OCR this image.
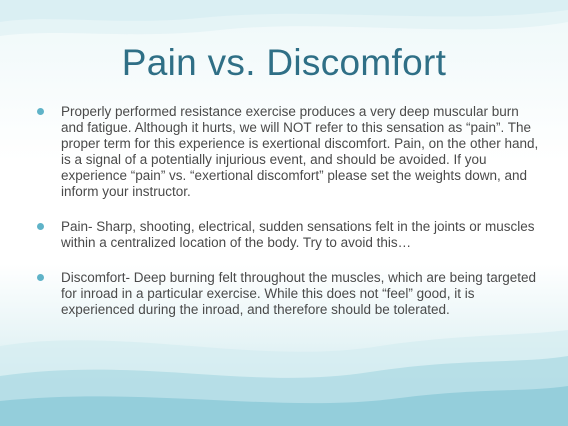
Pain vs. Discomfort
Properly performed resistance exercise produces a very deep muscular burn and fatigue. Although it hurts, we will NOT refer to this sensation as “pain”. The proper term for this experience is exertional discomfort. Pain, on the other hand, is a signal of a potentially injurious event, and should be avoided. If you experience “pain” vs. “exertional discomfort” please set the weights down, and inform your instructor.
Pain- Sharp, shooting, electrical, sudden sensations felt in the joints or muscles within a centralized location of the body. Try to avoid this…
Discomfort- Deep burning felt throughout the muscles, which are being targeted for inroad in a particular exercise. While this does not “feel” good, it is experienced during the inroad, and therefore should be tolerated.
